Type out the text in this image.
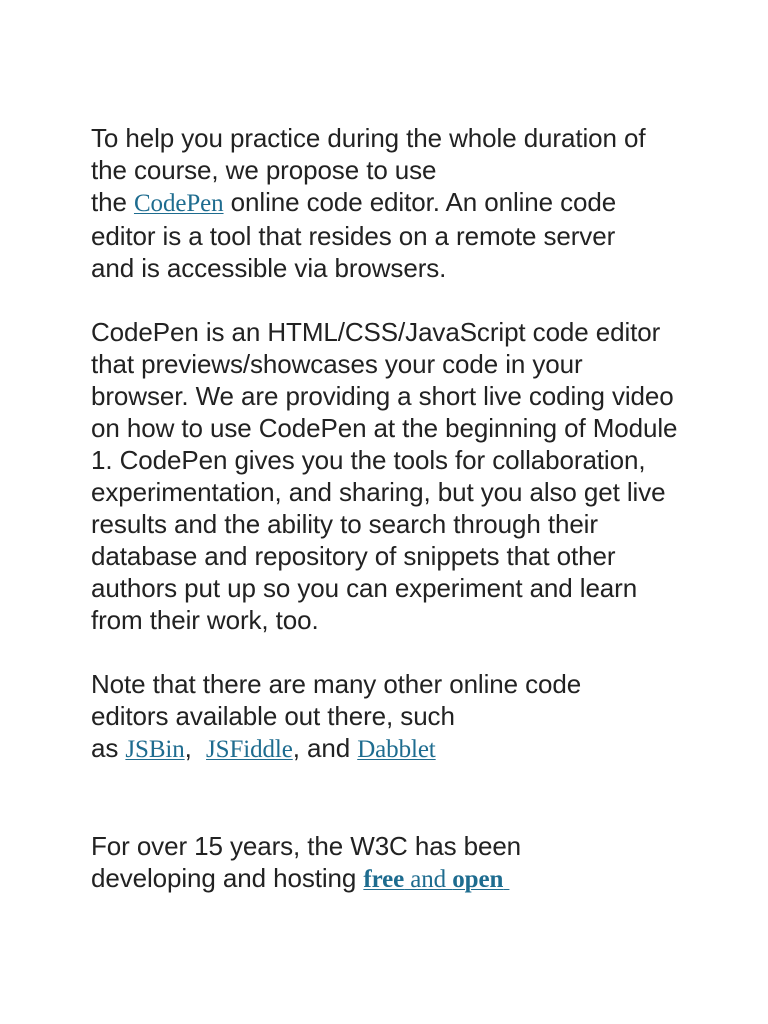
To help you practice during the whole duration of
the course, we propose to use
the CodePen online code editor. An online code
editor is a tool that resides on a remote server
and is accessible via browsers.

CodePen is an HTML/CSS/JavaScript code editor that previews/showcases your code in your browser. We are providing a short live coding video on how to use CodePen at the beginning of Module 1. CodePen gives you the tools for collaboration, experimentation, and sharing, but you also get live results and the ability to search through their database and repository of snippets that other authors put up so you can experiment and learn from their work, too.

Note that there are many other online code
editors available out there, such
as JSBin,  JSFiddle, and Dabblet

For over 15 years, the W3C has been
developing and hosting free and open
